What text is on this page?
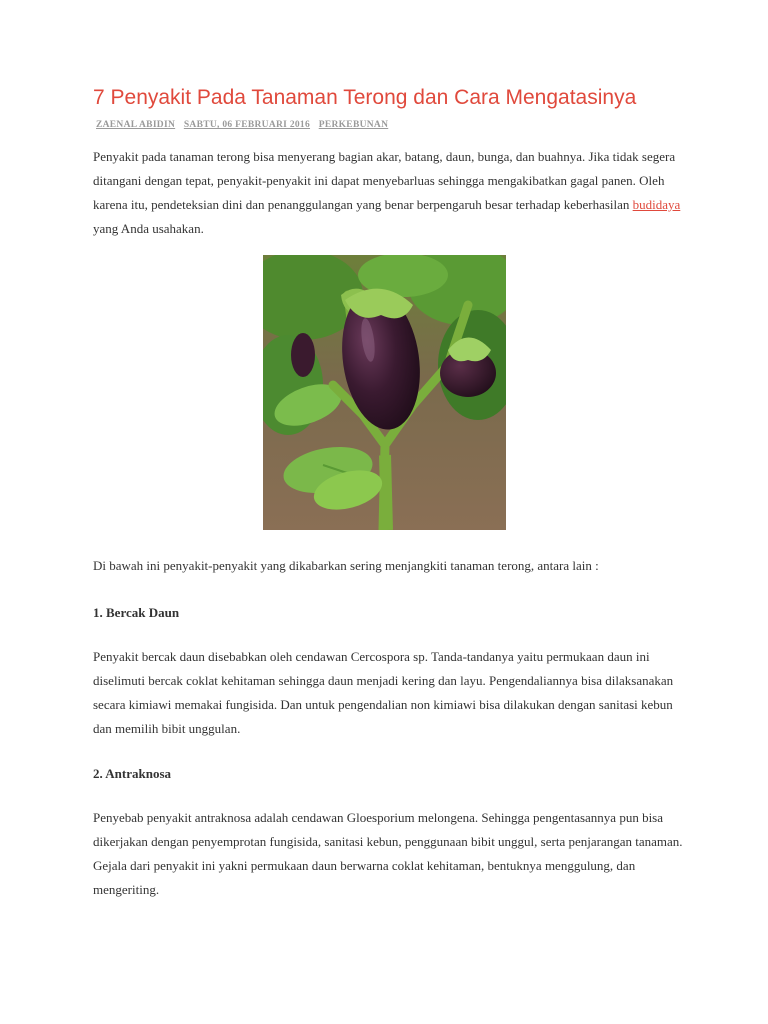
7 Penyakit Pada Tanaman Terong dan Cara Mengatasinya
ZAENAL ABIDIN SABTU, 06 FEBRUARI 2016 PERKEBUNAN

Penyakit pada tanaman terong bisa menyerang bagian akar, batang, daun, bunga, dan buahnya. Jika tidak segera ditangani dengan tepat, penyakit-penyakit ini dapat menyebarluas sehingga mengakibatkan gagal panen. Oleh karena itu, pendeteksian dini dan penanggulangan yang benar berpengaruh besar terhadap keberhasilan budidaya yang Anda usahakan.

Di bawah ini penyakit-penyakit yang dikabarkan sering menjangkiti tanaman terong, antara lain :

1. Bercak Daun

Penyakit bercak daun disebabkan oleh cendawan Cercospora sp. Tanda-tandanya yaitu permukaan daun ini diselimuti bercak coklat kehitaman sehingga daun menjadi kering dan layu. Pengendaliannya bisa dilaksanakan secara kimiawi memakai fungisida. Dan untuk pengendalian non kimiawi bisa dilakukan dengan sanitasi kebun dan memilih bibit unggulan.

2. Antraknosa

Penyebab penyakit antraknosa adalah cendawan Gloesporium melongena. Sehingga pengentasannya pun bisa dikerjakan dengan penyemprotan fungisida, sanitasi kebun, penggunaan bibit unggul, serta penjarangan tanaman. Gejala dari penyakit ini yakni permukaan daun berwarna coklat kehitaman, bentuknya menggulung, dan mengeriting.
